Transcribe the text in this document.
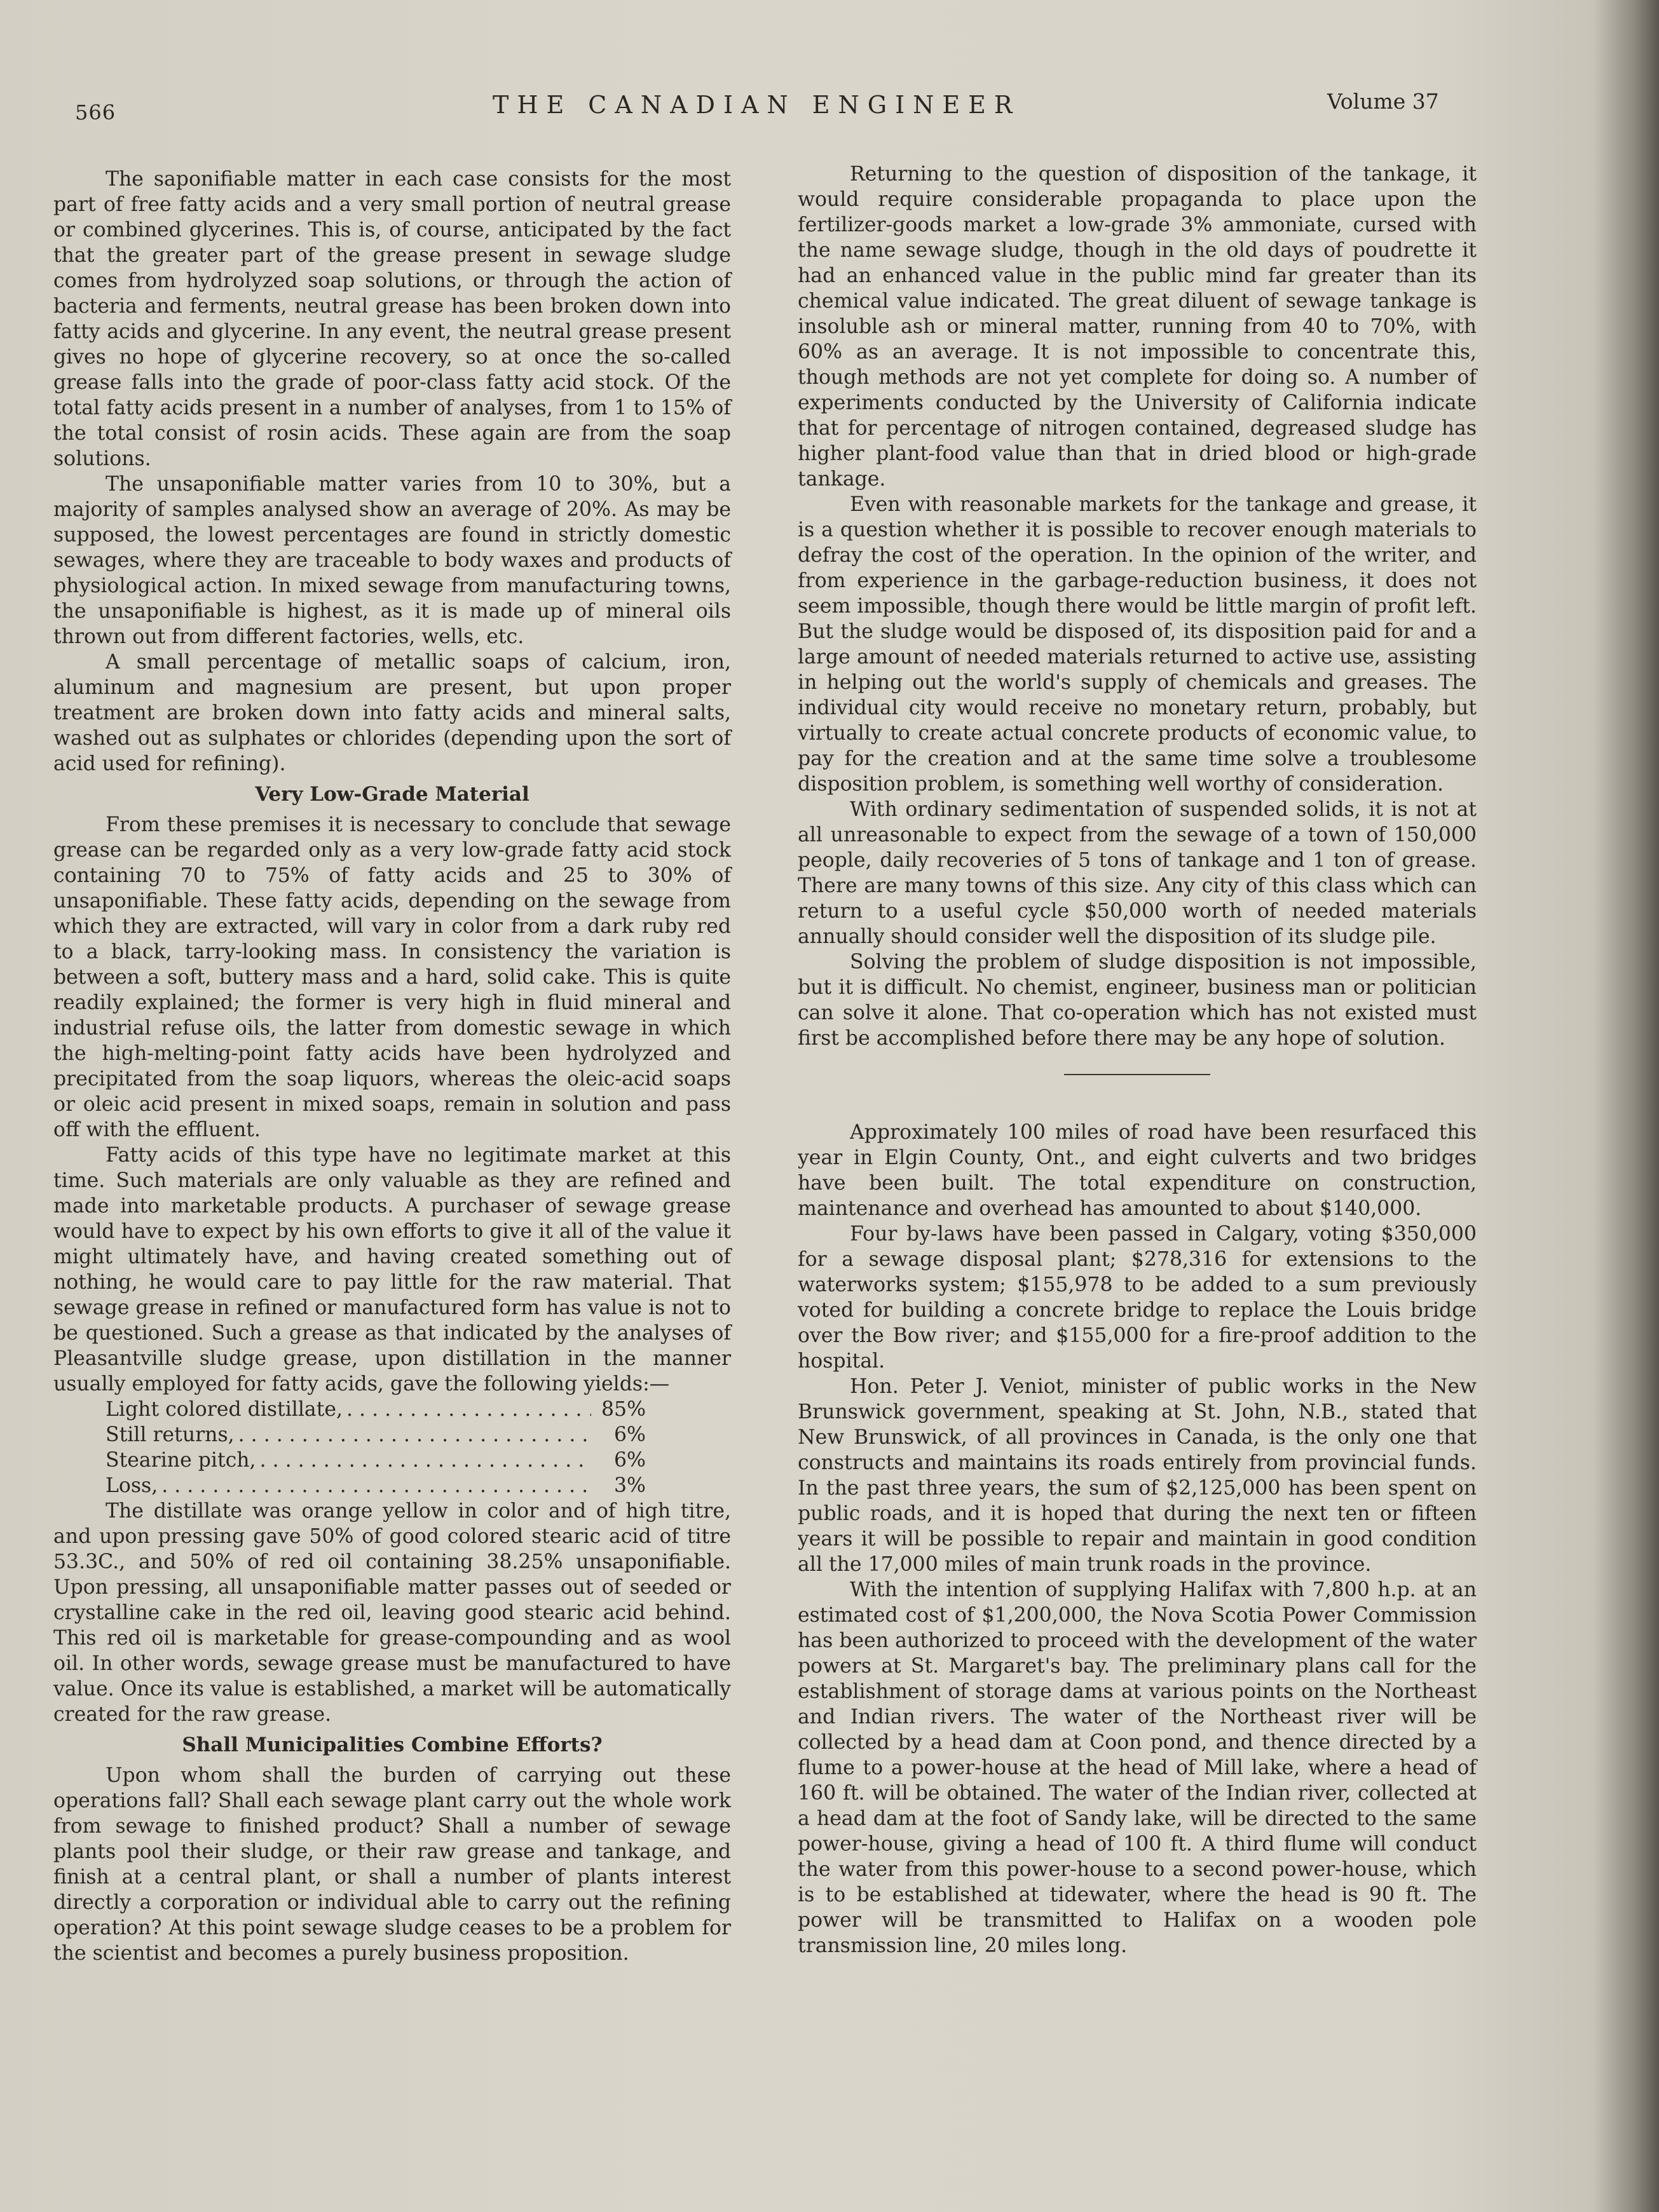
566	THE CANADIAN ENGINEER	Volume 37

The saponifiable matter in each case consists for the most part of free fatty acids and a very small portion of neutral grease or combined glycerines. This is, of course, anticipated by the fact that the greater part of the grease present in sewage sludge comes from hydrolyzed soap solutions, or through the action of bacteria and ferments, neutral grease has been broken down into fatty acids and glycerine. In any event, the neutral grease present gives no hope of glycerine recovery, so at once the so-called grease falls into the grade of poor-class fatty acid stock. Of the total fatty acids present in a number of analyses, from 1 to 15% of the total consist of rosin acids. These again are from the soap solutions.

The unsaponifiable matter varies from 10 to 30%, but a majority of samples analysed show an average of 20%. As may be supposed, the lowest percentages are found in strictly domestic sewages, where they are traceable to body waxes and products of physiological action. In mixed sewage from manufacturing towns, the unsaponifiable is highest, as it is made up of mineral oils thrown out from different factories, wells, etc.

A small percentage of metallic soaps of calcium, iron, aluminum and magnesium are present, but upon proper treatment are broken down into fatty acids and mineral salts, washed out as sulphates or chlorides (depending upon the sort of acid used for refining).

Very Low-Grade Material

From these premises it is necessary to conclude that sewage grease can be regarded only as a very low-grade fatty acid stock containing 70 to 75% of fatty acids and 25 to 30% of unsaponifiable. These fatty acids, depending on the sewage from which they are extracted, will vary in color from a dark ruby red to a black, tarry-looking mass. In consistency the variation is between a soft, buttery mass and a hard, solid cake. This is quite readily explained; the former is very high in fluid mineral and industrial refuse oils, the latter from domestic sewage in which the high-melting-point fatty acids have been hydrolyzed and precipitated from the soap liquors, whereas the oleic-acid soaps or oleic acid present in mixed soaps, remain in solution and pass off with the effluent.

Fatty acids of this type have no legitimate market at this time. Such materials are only valuable as they are refined and made into marketable products. A purchaser of sewage grease would have to expect by his own efforts to give it all of the value it might ultimately have, and having created something out of nothing, he would care to pay little for the raw material. That sewage grease in refined or manufactured form has value is not to be questioned. Such a grease as that indicated by the analyses of Pleasantville sludge grease, upon distillation in the manner usually employed for fatty acids, gave the following yields:—

Light colored distillate, . . .	85%
Still returns, . . .	6%
Stearine pitch, . . .	6%
Loss, . . .	3%

The distillate was orange yellow in color and of high titre, and upon pressing gave 50% of good colored stearic acid of titre 53.3C., and 50% of red oil containing 38.25% unsaponifiable. Upon pressing, all unsaponifiable matter passes out of seeded or crystalline cake in the red oil, leaving good stearic acid behind. This red oil is marketable for grease-compounding and as wool oil. In other words, sewage grease must be manufactured to have value. Once its value is established, a market will be automatically created for the raw grease.

Shall Municipalities Combine Efforts?

Upon whom shall the burden of carrying out these operations fall? Shall each sewage plant carry out the whole work from sewage to finished product? Shall a number of sewage plants pool their sludge, or their raw grease and tankage, and finish at a central plant, or shall a number of plants interest directly a corporation or individual able to carry out the refining operation? At this point sewage sludge ceases to be a problem for the scientist and becomes a purely business proposition.

Returning to the question of disposition of the tankage, it would require considerable propaganda to place upon the fertilizer-goods market a low-grade 3% ammoniate, cursed with the name sewage sludge, though in the old days of poudrette it had an enhanced value in the public mind far greater than its chemical value indicated. The great diluent of sewage tankage is insoluble ash or mineral matter, running from 40 to 70%, with 60% as an average. It is not impossible to concentrate this, though methods are not yet complete for doing so. A number of experiments conducted by the University of California indicate that for percentage of nitrogen contained, degreased sludge has higher plant-food value than that in dried blood or high-grade tankage.

Even with reasonable markets for the tankage and grease, it is a question whether it is possible to recover enough materials to defray the cost of the operation. In the opinion of the writer, and from experience in the garbage-reduction business, it does not seem impossible, though there would be little margin of profit left. But the sludge would be disposed of, its disposition paid for and a large amount of needed materials returned to active use, assisting in helping out the world's supply of chemicals and greases. The individual city would receive no monetary return, probably, but virtually to create actual concrete products of economic value, to pay for the creation and at the same time solve a troublesome disposition problem, is something well worthy of consideration.

With ordinary sedimentation of suspended solids, it is not at all unreasonable to expect from the sewage of a town of 150,000 people, daily recoveries of 5 tons of tankage and 1 ton of grease. There are many towns of this size. Any city of this class which can return to a useful cycle $50,000 worth of needed materials annually should consider well the disposition of its sludge pile.

Solving the problem of sludge disposition is not impossible, but it is difficult. No chemist, engineer, business man or politician can solve it alone. That co-operation which has not existed must first be accomplished before there may be any hope of solution.

Approximately 100 miles of road have been resurfaced this year in Elgin County, Ont., and eight culverts and two bridges have been built. The total expenditure on construction, maintenance and overhead has amounted to about $140,000.

Four by-laws have been passed in Calgary, voting $350,000 for a sewage disposal plant; $278,316 for extensions to the waterworks system; $155,978 to be added to a sum previously voted for building a concrete bridge to replace the Louis bridge over the Bow river; and $155,000 for a fire-proof addition to the hospital.

Hon. Peter J. Veniot, minister of public works in the New Brunswick government, speaking at St. John, N.B., stated that New Brunswick, of all provinces in Canada, is the only one that constructs and maintains its roads entirely from provincial funds. In the past three years, the sum of $2,125,000 has been spent on public roads, and it is hoped that during the next ten or fifteen years it will be possible to repair and maintain in good condition all the 17,000 miles of main trunk roads in the province.

With the intention of supplying Halifax with 7,800 h.p. at an estimated cost of $1,200,000, the Nova Scotia Power Commission has been authorized to proceed with the development of the water powers at St. Margaret's bay. The preliminary plans call for the establishment of storage dams at various points on the Northeast and Indian rivers. The water of the Northeast river will be collected by a head dam at Coon pond, and thence directed by a flume to a power-house at the head of Mill lake, where a head of 160 ft. will be obtained. The water of the Indian river, collected at a head dam at the foot of Sandy lake, will be directed to the same power-house, giving a head of 100 ft. A third flume will conduct the water from this power-house to a second power-house, which is to be established at tidewater, where the head is 90 ft. The power will be transmitted to Halifax on a wooden pole transmission line, 20 miles long.
